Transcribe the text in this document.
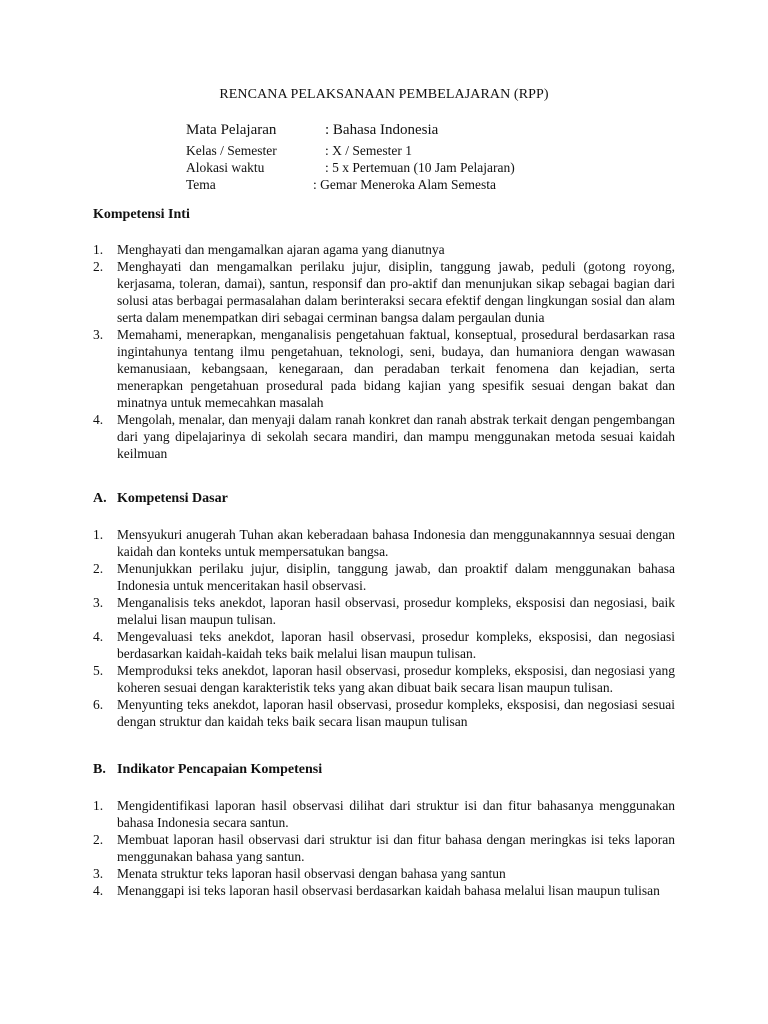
RENCANA PELAKSANAAN PEMBELAJARAN (RPP)
Mata Pelajaran	: Bahasa Indonesia
Kelas / Semester	: X / Semester 1
Alokasi waktu	: 5 x Pertemuan (10 Jam Pelajaran)
Tema	: Gemar Meneroka Alam Semesta
Kompetensi Inti
1. Menghayati dan mengamalkan ajaran agama yang dianutnya
2. Menghayati dan mengamalkan perilaku jujur, disiplin, tanggung jawab, peduli (gotong royong, kerjasama, toleran, damai), santun, responsif dan pro-aktif dan menunjukan sikap sebagai bagian dari solusi atas berbagai permasalahan dalam berinteraksi secara efektif dengan lingkungan sosial dan alam serta dalam menempatkan diri sebagai cerminan bangsa dalam pergaulan dunia
3. Memahami, menerapkan, menganalisis pengetahuan faktual, konseptual, prosedural berdasarkan rasa ingintahunya tentang ilmu pengetahuan, teknologi, seni, budaya, dan humaniora dengan wawasan kemanusiaan, kebangsaan, kenegaraan, dan peradaban terkait fenomena dan kejadian, serta menerapkan pengetahuan prosedural pada bidang kajian yang spesifik sesuai dengan bakat dan minatnya untuk memecahkan masalah
4. Mengolah, menalar, dan menyaji dalam ranah konkret dan ranah abstrak terkait dengan pengembangan dari yang dipelajarinya di sekolah secara mandiri, dan mampu menggunakan metoda sesuai kaidah keilmuan
A. Kompetensi Dasar
1. Mensyukuri anugerah Tuhan akan keberadaan bahasa Indonesia dan menggunakannnya sesuai dengan kaidah dan konteks untuk mempersatukan bangsa.
2. Menunjukkan perilaku jujur, disiplin, tanggung jawab, dan proaktif dalam menggunakan bahasa Indonesia untuk menceritakan hasil observasi.
3. Menganalisis teks anekdot, laporan hasil observasi, prosedur kompleks, eksposisi dan negosiasi, baik melalui lisan maupun tulisan.
4. Mengevaluasi teks anekdot, laporan hasil observasi, prosedur kompleks, eksposisi, dan negosiasi berdasarkan kaidah-kaidah teks baik melalui lisan maupun tulisan.
5. Memproduksi teks anekdot, laporan hasil observasi, prosedur kompleks, eksposisi, dan negosiasi yang koheren sesuai dengan karakteristik teks yang akan dibuat baik secara lisan maupun tulisan.
6. Menyunting teks anekdot, laporan hasil observasi, prosedur kompleks, eksposisi, dan negosiasi sesuai dengan struktur dan kaidah teks baik secara lisan maupun tulisan
B. Indikator Pencapaian Kompetensi
1. Mengidentifikasi laporan hasil observasi dilihat dari struktur isi dan fitur bahasanya menggunakan bahasa Indonesia secara santun.
2. Membuat laporan hasil observasi dari struktur isi dan fitur bahasa dengan meringkas isi teks laporan menggunakan bahasa yang santun.
3. Menata struktur teks laporan hasil observasi dengan bahasa yang santun
4. Menanggapi isi teks laporan hasil observasi berdasarkan kaidah bahasa melalui lisan maupun tulisan
